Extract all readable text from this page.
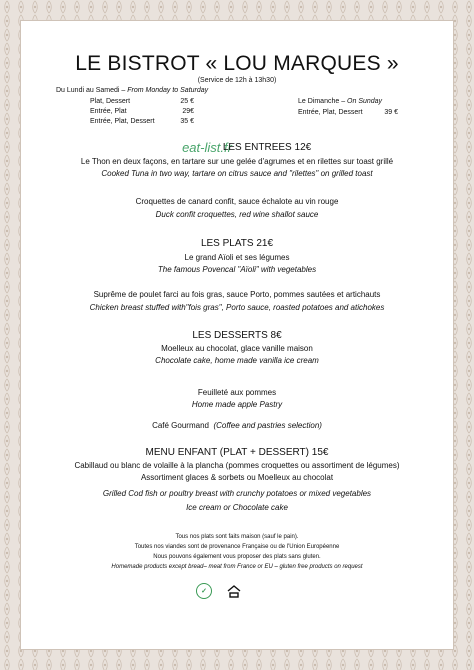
LE BISTROT « LOU MARQUES »
(Service de 12h à 13h30)
Du Lundi au Samedi – From Monday to Saturday
Plat, Dessert	25 €
Entrée, Plat	29€
Entrée, Plat, Dessert	35 €
Le Dimanche – On Sunday
Entrée, Plat, Dessert	39 €
eat-list.fr
LES ENTREES 12€
Le Thon en deux façons, en tartare sur une gelée d'agrumes et en rilettes sur toast grillé
Cooked Tuna in two way, tartare on citrus sauce and "rilettes" on grilled toast
Croquettes de canard confit, sauce échalote au vin rouge
Duck confit croquettes, red wine shallot sauce
LES PLATS 21€
Le grand Aïoli et ses légumes
The famous Povencal "Aïoli" with vegetables
Suprême de poulet farci au fois gras, sauce Porto, pommes sautées et artichauts
Chicken breast stuffed with"fois gras", Porto sauce, roasted potatoes and atichokes
LES DESSERTS 8€
Moelleux au chocolat, glace vanille maison
Chocolate cake, home made vanilla ice cream
Feuilleté aux pommes
Home made apple Pastry
Café Gourmand (Coffee and pastries selection)
MENU ENFANT (PLAT + DESSERT) 15€
Cabillaud ou blanc de volaille à la plancha (pommes croquettes ou assortiment de légumes)
Assortiment glaces & sorbets ou Moelleux au chocolat
Grilled Cod fish or poultry breast with crunchy potatoes or mixed vegetables
Ice cream or Chocolate cake
Tous nos plats sont faits maison (sauf le pain).
Toutes nos viandes sont de provenance Française ou de l'Union Européenne
Nous pouvons également vous proposer des plats sans gluten.
Homemade products except bread– meat from France or EU – gluten free products on request
✓
